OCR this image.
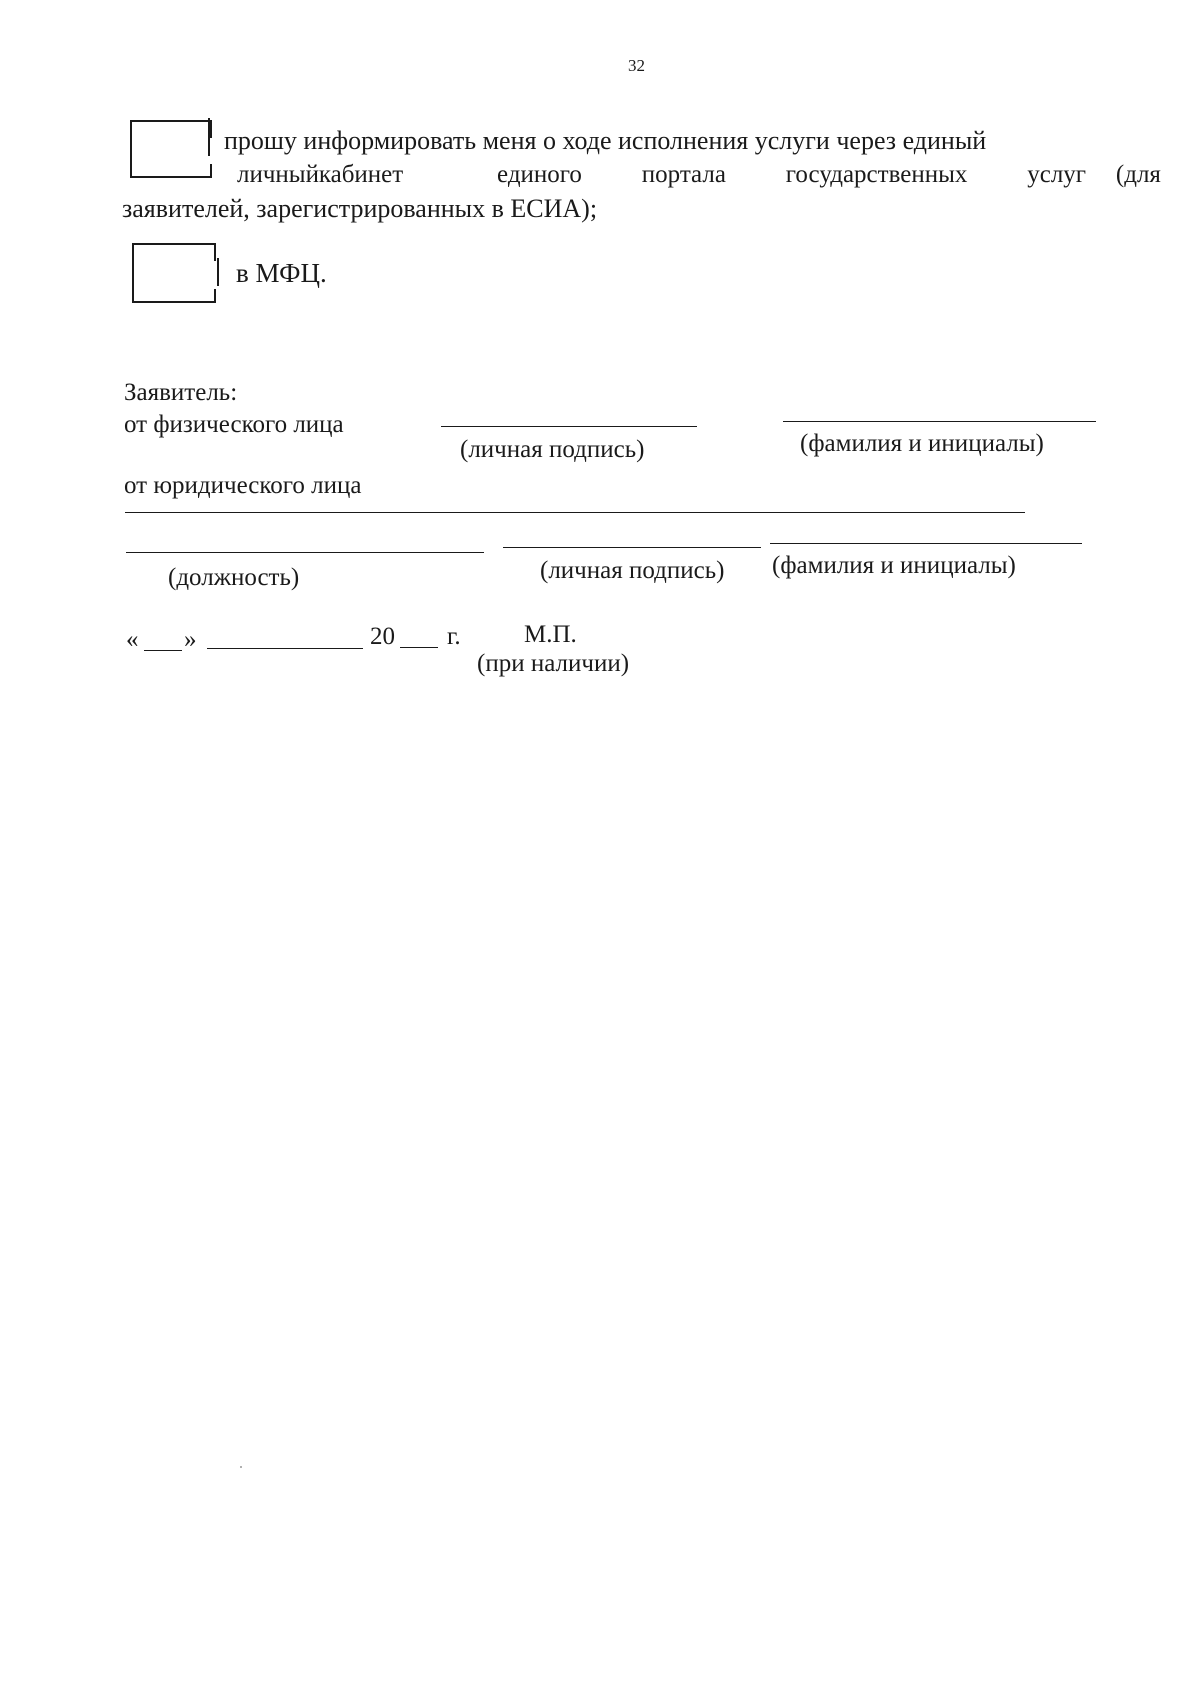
32
прошу информировать меня о ходе исполнения услуги через единый
личный кабинет	единого портала государственных услуг (для
заявителей, зарегистрированных в ЕСИА);
в МФЦ.
Заявитель:
от физического лица
(личная подпись)	(фамилия и инициалы)
от юридического лица
(должность)	(личная подпись) (фамилия и инициалы)
« »	20 г.	М.П.
(при наличии)
